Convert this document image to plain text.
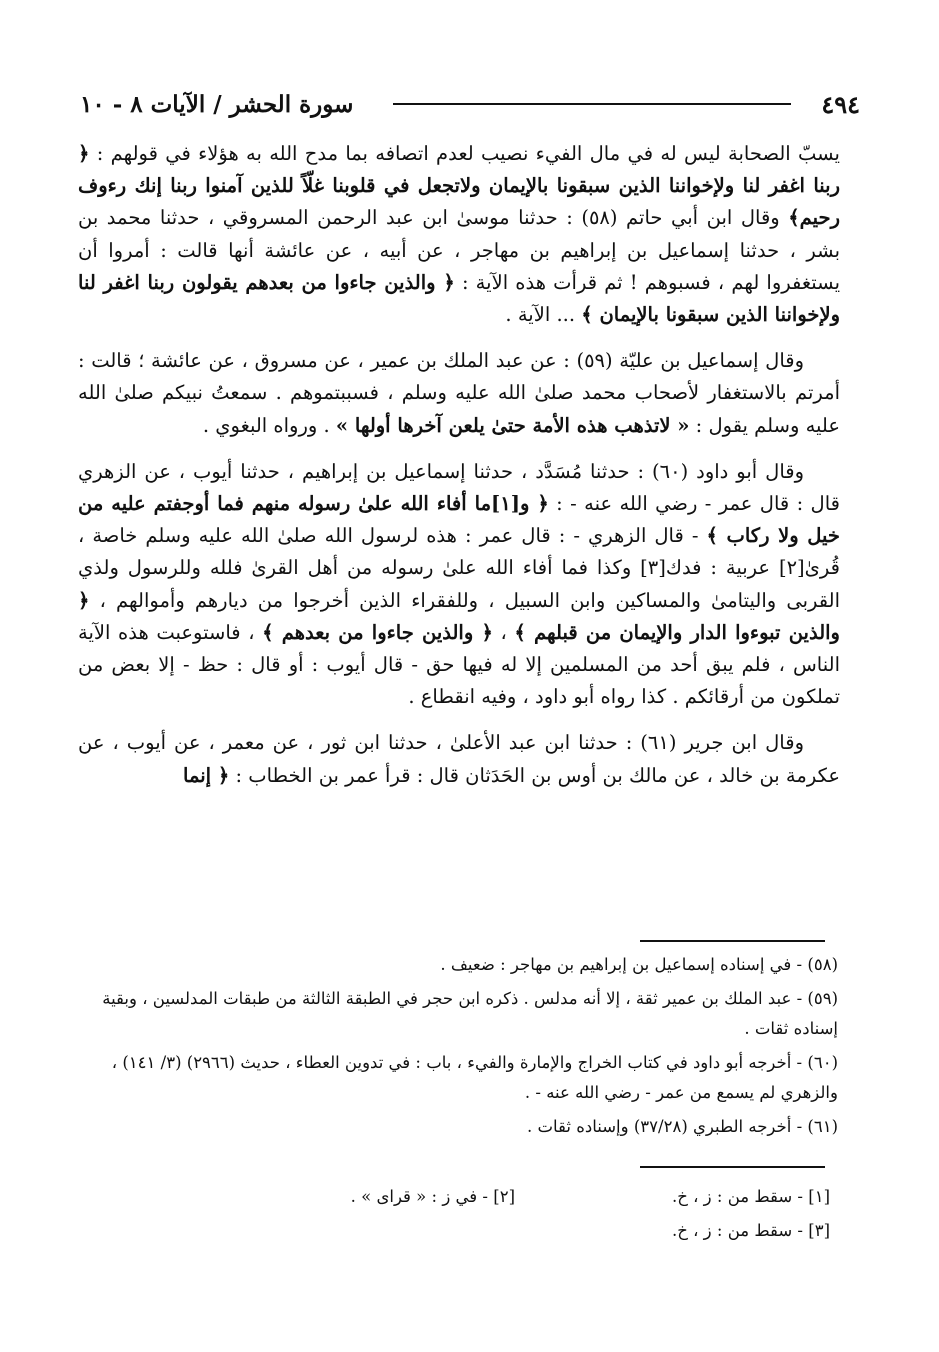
٤٩٤
سورة الحشر / الآيات ٨ - ١٠

يسبّ الصحابة ليس له في مال الفيء نصيب لعدم اتصافه بما مدح الله به هؤلاء في قولهم : ﴿ ربنا اغفر لنا ولإخواننا الذين سبقونا بالإيمان ولاتجعل في قلوبنا غلّاً للذين آمنوا ربنا إنك رءوف رحيم﴾ وقال ابن أبي حاتم (٥٨) : حدثنا موسىٰ ابن عبد الرحمن المسروقي ، حدثنا محمد بن بشر ، حدثنا إسماعيل بن إبراهيم بن مهاجر ، عن أبيه ، عن عائشة أنها قالت : أمروا أن يستغفروا لهم ، فسبوهم ! ثم قرأت هذه الآية : ﴿ والذين جاءوا من بعدهم يقولون ربنا اغفر لنا ولإخواننا الذين سبقونا بالإيمان ﴾ ... الآية .

وقال إسماعيل بن عليّة (٥٩) : عن عبد الملك بن عمير ، عن مسروق ، عن عائشة ؛ قالت : أمرتم بالاستغفار لأصحاب محمد صلىٰ الله عليه وسلم ، فسببتموهم . سمعتُ نبيكم صلىٰ الله عليه وسلم يقول : « لاتذهب هذه الأمة حتىٰ يلعن آخرها أولها » . ورواه البغوي .

وقال أبو داود (٦٠) : حدثنا مُسَدَّد ، حدثنا إسماعيل بن إبراهيم ، حدثنا أيوب ، عن الزهري قال : قال عمر - رضي الله عنه - : ﴿ و[١]ما أفاء الله علىٰ رسوله منهم فما أوجفتم عليه من خيل ولا ركاب ﴾ - قال الزهري - : قال عمر : هذه لرسول الله صلىٰ الله عليه وسلم خاصة ، قُرىٰ[٢] عربية : فدك[٣] وكذا فما أفاء الله علىٰ رسوله من أهل القرىٰ فلله وللرسول ولذي القربى واليتامىٰ والمساكين وابن السبيل ، وللفقراء الذين أخرجوا من ديارهم وأموالهم ، ﴿ والذين تبوءوا الدار والإيمان من قبلهم ﴾ ، ﴿ والذين جاءوا من بعدهم ﴾ ، فاستوعبت هذه الآية الناس ، فلم يبق أحد من المسلمين إلا له فيها حق - قال أيوب : أو قال : حظ - إلا بعض من تملكون من أرقائكم . كذا رواه أبو داود ، وفيه انقطاع .

وقال ابن جرير (٦١) : حدثنا ابن عبد الأعلىٰ ، حدثنا ابن ثور ، عن معمر ، عن أيوب ، عن عكرمة بن خالد ، عن مالك بن أوس بن الحَدَثان قال : قرأ عمر بن الخطاب : ﴿ إنما

(٥٨) - في إسناده إسماعيل بن إبراهيم بن مهاجر : ضعيف .
(٥٩) - عبد الملك بن عمير ثقة ، إلا أنه مدلس . ذكره ابن حجر في الطبقة الثالثة من طبقات المدلسين ، وبقية إسناده ثقات .
(٦٠) - أخرجه أبو داود في كتاب الخراج والإمارة والفيء ، باب : في تدوين العطاء ، حديث (٢٩٦٦) (٣/ ١٤١) ، والزهري لم يسمع من عمر - رضي الله عنه - .
(٦١) - أخرجه الطبري (٣٧/٢٨) وإسناده ثقات .
[١] - سقط من : ز ، خ.
[٢] - في ز : « قراى » .
[٣] - سقط من : ز ، خ.
